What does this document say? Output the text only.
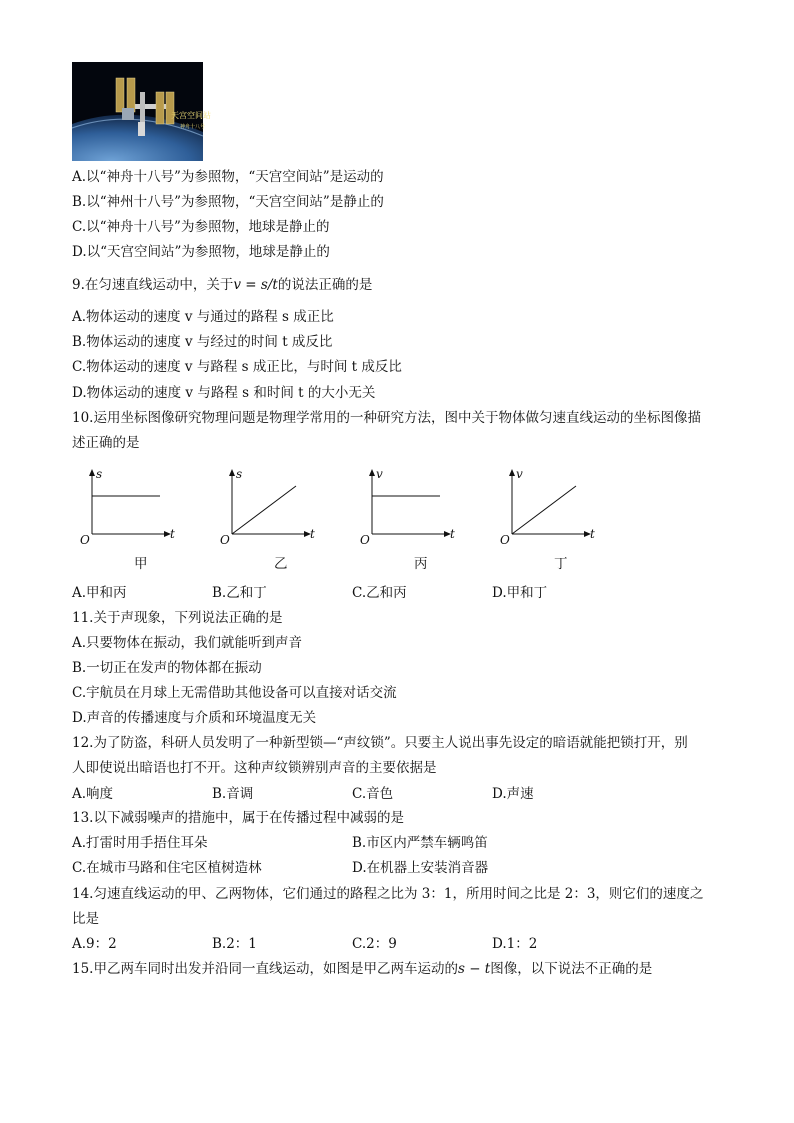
天宫空间站
神舟十八号
A.以“神舟十八号”为参照物，“天宫空间站”是运动的
B.以“神州十八号”为参照物，“天宫空间站”是静止的
C.以“神舟十八号”为参照物，地球是静止的
D.以“天宫空间站”为参照物，地球是静止的
9.在匀速直线运动中，关于v = s/t的说法正确的是
A.物体运动的速度 v 与通过的路程 s 成正比
B.物体运动的速度 v 与经过的时间 t 成反比
C.物体运动的速度 v 与路程 s 成正比，与时间 t 成反比
D.物体运动的速度 v 与路程 s 和时间 t 的大小无关
10.运用坐标图像研究物理问题是物理学常用的一种研究方法，图中关于物体做匀速直线运动的坐标图像描
述正确的是
s
t
O
甲
s
t
O
乙
v
t
O
丙
v
t
O
丁
A.甲和丙	B.乙和丁	C.乙和丙	D.甲和丁
11.关于声现象，下列说法正确的是
A.只要物体在振动，我们就能听到声音
B.一切正在发声的物体都在振动
C.宇航员在月球上无需借助其他设备可以直接对话交流
D.声音的传播速度与介质和环境温度无关
12.为了防盗，科研人员发明了一种新型锁—“声纹锁”。只要主人说出事先设定的暗语就能把锁打开，别
人即使说出暗语也打不开。这种声纹锁辨别声音的主要依据是
A.响度	B.音调	C.音色	D.声速
13.以下减弱噪声的措施中，属于在传播过程中减弱的是
A.打雷时用手捂住耳朵	B.市区内严禁车辆鸣笛
C.在城市马路和住宅区植树造林	D.在机器上安装消音器
14.匀速直线运动的甲、乙两物体，它们通过的路程之比为 3：1，所用时间之比是 2：3，则它们的速度之
比是
A.9：2	B.2：1	C.2：9	D.1：2
15.甲乙两车同时出发并沿同一直线运动，如图是甲乙两车运动的s − t图像，以下说法不正确的是
